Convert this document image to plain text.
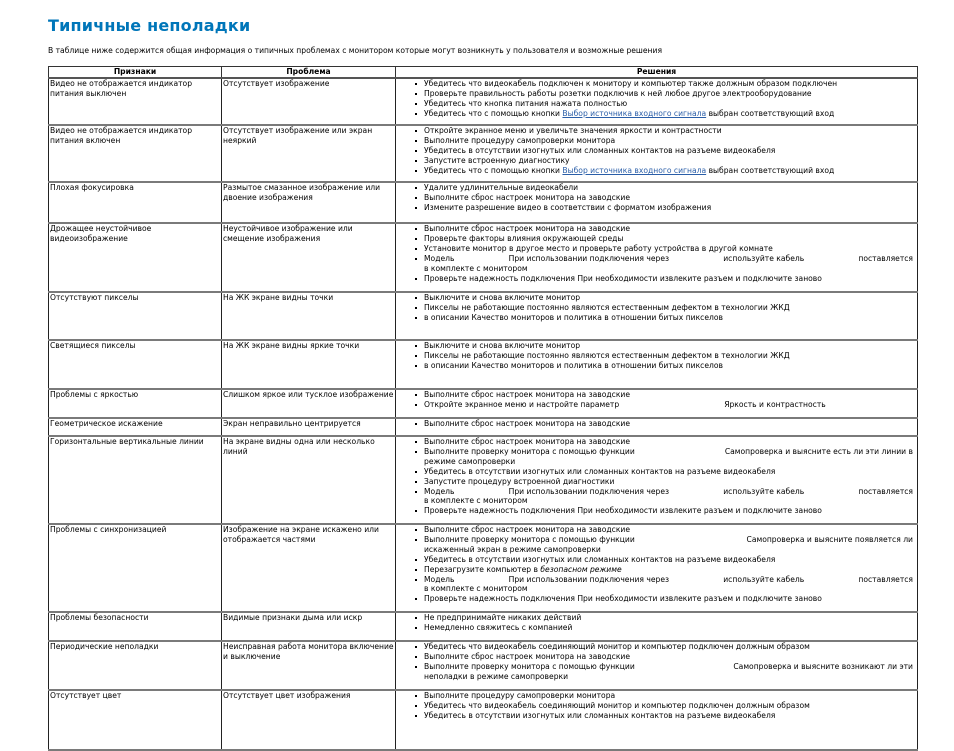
Типичные неполадки

В таблице ниже содержится общая информация о типичных проблемах с монитором которые могут возникнуть у пользователя и возможные решения

Признаки	Проблема	Решения
Видео не отображается индикатор питания выключен	Отсутствует изображение	Убедитесь что видеокабель подключен к монитору и компьютер также должным образом подключен
Проверьте правильность работы розетки подключив к ней любое другое электрооборудование
Убедитесь что кнопка питания нажата полностью
Убедитесь что с помощью кнопки Выбор источника входного сигнала выбран соответствующий вход

Видео не отображается индикатор питания включен	Отсутствует изображение или экран неяркий	
Откройте экранное меню и увеличьте значения яркости и контрастности
Выполните процедуру самопроверки монитора
Убедитесь в отсутствии изогнутых или сломанных контактов на разъеме видеокабеля
Запустите встроенную диагностику
Убедитесь что с помощью кнопки Выбор источника входного сигнала выбран соответствующий вход

Плохая фокусировка	Размытое смазанное изображение или двоение изображения	
Удалите удлинительные видеокабели
Выполните сброс настроек монитора на заводские
Измените разрешение видео в соответствии с форматом изображения

Дрожащее неустойчивое видеоизображение	Неустойчивое изображение или смещение изображения	
Выполните сброс настроек монитора на заводские
Проверьте факторы влияния окружающей среды
Установите монитор в другое место и проверьте работу устройства в другой комнате
Модель	При использовании подключения через	используйте кабель	поставляется
в комплекте с монитором
Проверьте надежность подключения При необходимости извлеките разъем и подключите заново

Отсутствуют пикселы	На ЖК экране видны точки	Выключите и снова включите монитор
Пикселы не работающие постоянно являются естественным дефектом в технологии ЖКД
в описании Качество мониторов и политика в отношении битых пикселов

Светящиеся пикселы	На ЖК экране видны яркие точки	Выключите и снова включите монитор
Пикселы не работающие постоянно являются естественным дефектом в технологии ЖКД
в описании Качество мониторов и политика в отношении битых пикселов

Проблемы с яркостью	Слишком яркое или тусклое изображение	Выполните сброс настроек монитора на заводские
Откройте экранное меню и настройте параметр	Яркость и контрастность

Геометрическое искажение	Экран неправильно центрируется	Выполните сброс настроек монитора на заводские

Горизонтальные вертикальные линии	На экране видны одна или несколько линий	
Выполните сброс настроек монитора на заводские
Выполните проверку монитора с помощью функции	Самопроверка и выясните есть ли эти линии в
режиме самопроверки
Убедитесь в отсутствии изогнутых или сломанных контактов на разъеме видеокабеля
Запустите процедуру встроенной диагностики
Модель	При использовании подключения через	используйте кабель	поставляется
в комплекте с монитором
Проверьте надежность подключения При необходимости извлеките разъем и подключите заново

Проблемы с синхронизацией	Изображение на экране искажено или отображается частями	
Выполните сброс настроек монитора на заводские
Выполните проверку монитора с помощью функции	Самопроверка и выясните появляется ли
искаженный экран в режиме самопроверки
Убедитесь в отсутствии изогнутых или сломанных контактов на разъеме видеокабеля
Перезагрузите компьютер в безопасном режиме
Модель	При использовании подключения через	используйте кабель	поставляется
в комплекте с монитором
Проверьте надежность подключения При необходимости извлеките разъем и подключите заново

Проблемы безопасности	Видимые признаки дыма или искр	Не предпринимайте никаких действий
Немедленно свяжитесь с компанией

Периодические неполадки	Неисправная работа монитора включение и выключение	
Убедитесь что видеокабель соединяющий монитор и компьютер подключен должным образом
Выполните сброс настроек монитора на заводские
Выполните проверку монитора с помощью функции	Самопроверка и выясните возникают ли эти
неполадки в режиме самопроверки

Отсутствует цвет	Отсутствует цвет изображения	Выполните процедуру самопроверки монитора
Убедитесь что видеокабель соединяющий монитор и компьютер подключен должным образом
Убедитесь в отсутствии изогнутых или сломанных контактов на разъеме видеокабеля
